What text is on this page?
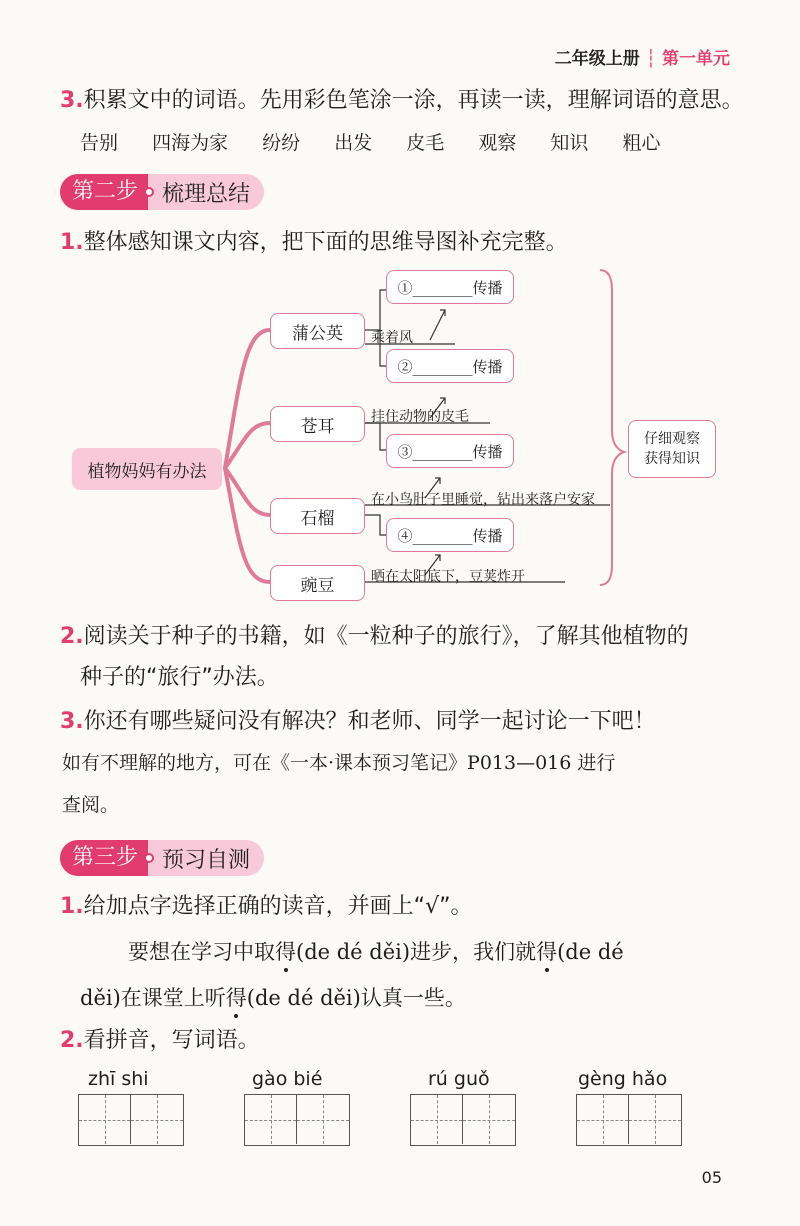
二年级上册 ┆ 第一单元
3.积累文中的词语。先用彩色笔涂一涂，再读一读，理解词语的意思。
告别 四海为家 纷纷 出发 皮毛 观察 知识 粗心
第二步	梳理总结
1.整体感知课文内容，把下面的思维导图补充完整。
植物妈妈有办法
蒲公英
苍耳
石榴
豌豆
①________传播
②________传播
③________传播
④________传播
乘着风
挂住动物的皮毛
在小鸟肚子里睡觉，钻出来落户安家
晒在太阳底下，豆荚炸开
仔细观察
获得知识
2.阅读关于种子的书籍，如《一粒种子的旅行》，了解其他植物的
种子的“旅行”办法。
3.你还有哪些疑问没有解决？和老师、同学一起讨论一下吧！
如有不理解的地方，可在《一本·课本预习笔记》P013—016 进行
查阅。
第三步	预习自测
1.给加点字选择正确的读音，并画上“√”。
要想在学习中取得(de dé děi)进步，我们就得(de dé
děi)在课堂上听得(de dé děi)认真一些。
2.看拼音，写词语。
zhī shi	gào bié	rú guǒ	gèng hǎo
05
